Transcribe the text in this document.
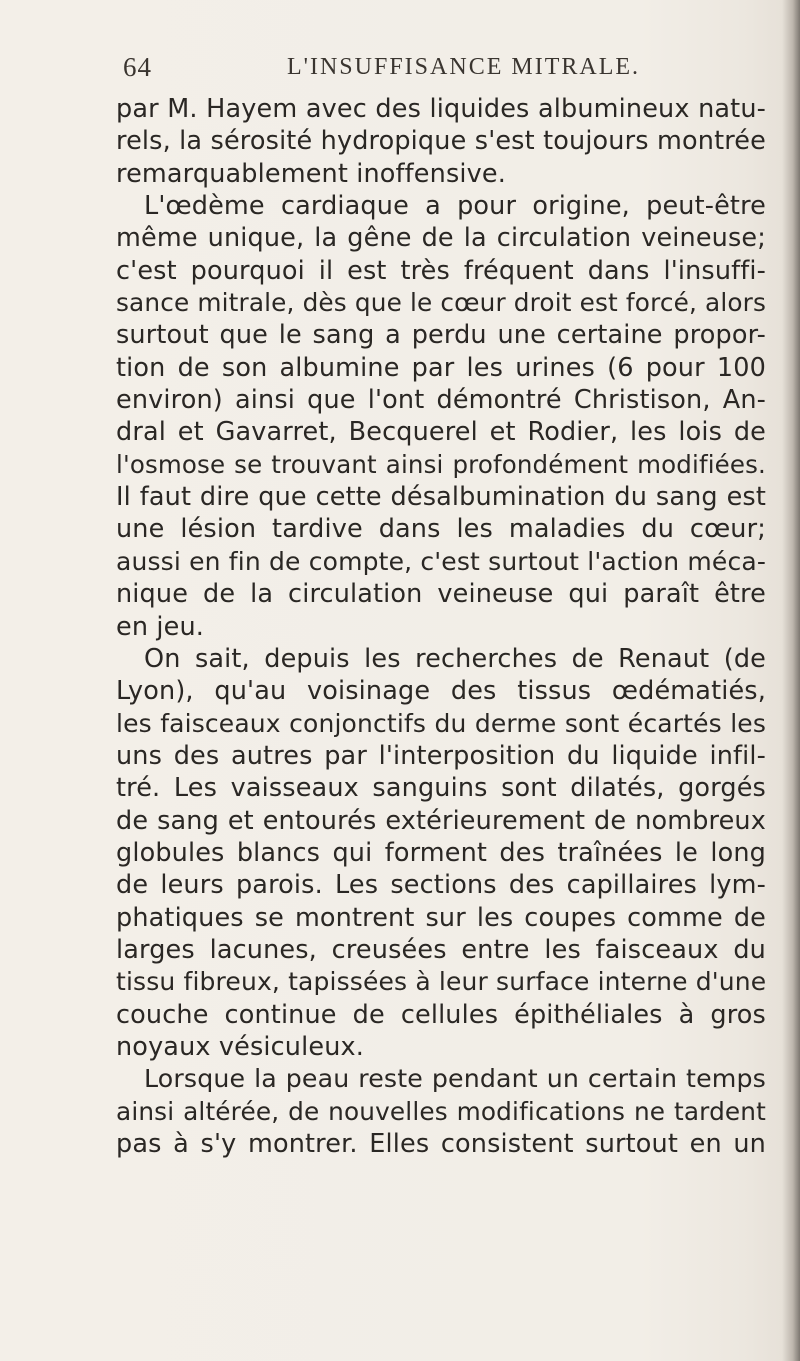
64	L'INSUFFISANCE MITRALE.
par M. Hayem avec des liquides albumineux natu-
rels, la sérosité hydropique s'est toujours montrée
remarquablement inoffensive.
L'œdème cardiaque a pour origine, peut-être
même unique, la gêne de la circulation veineuse;
c'est pourquoi il est très fréquent dans l'insuffi-
sance mitrale, dès que le cœur droit est forcé, alors
surtout que le sang a perdu une certaine propor-
tion de son albumine par les urines (6 pour 100
environ) ainsi que l'ont démontré Christison, An-
dral et Gavarret, Becquerel et Rodier, les lois de
l'osmose se trouvant ainsi profondément modifiées.
Il faut dire que cette désalbumination du sang est
une lésion tardive dans les maladies du cœur;
aussi en fin de compte, c'est surtout l'action méca-
nique de la circulation veineuse qui paraît être
en jeu.
On sait, depuis les recherches de Renaut (de
Lyon), qu'au voisinage des tissus œdématiés,
les faisceaux conjonctifs du derme sont écartés les
uns des autres par l'interposition du liquide infil-
tré. Les vaisseaux sanguins sont dilatés, gorgés
de sang et entourés extérieurement de nombreux
globules blancs qui forment des traînées le long
de leurs parois. Les sections des capillaires lym-
phatiques se montrent sur les coupes comme de
larges lacunes, creusées entre les faisceaux du
tissu fibreux, tapissées à leur surface interne d'une
couche continue de cellules épithéliales à gros
noyaux vésiculeux.
Lorsque la peau reste pendant un certain temps
ainsi altérée, de nouvelles modifications ne tardent
pas à s'y montrer. Elles consistent surtout en un
